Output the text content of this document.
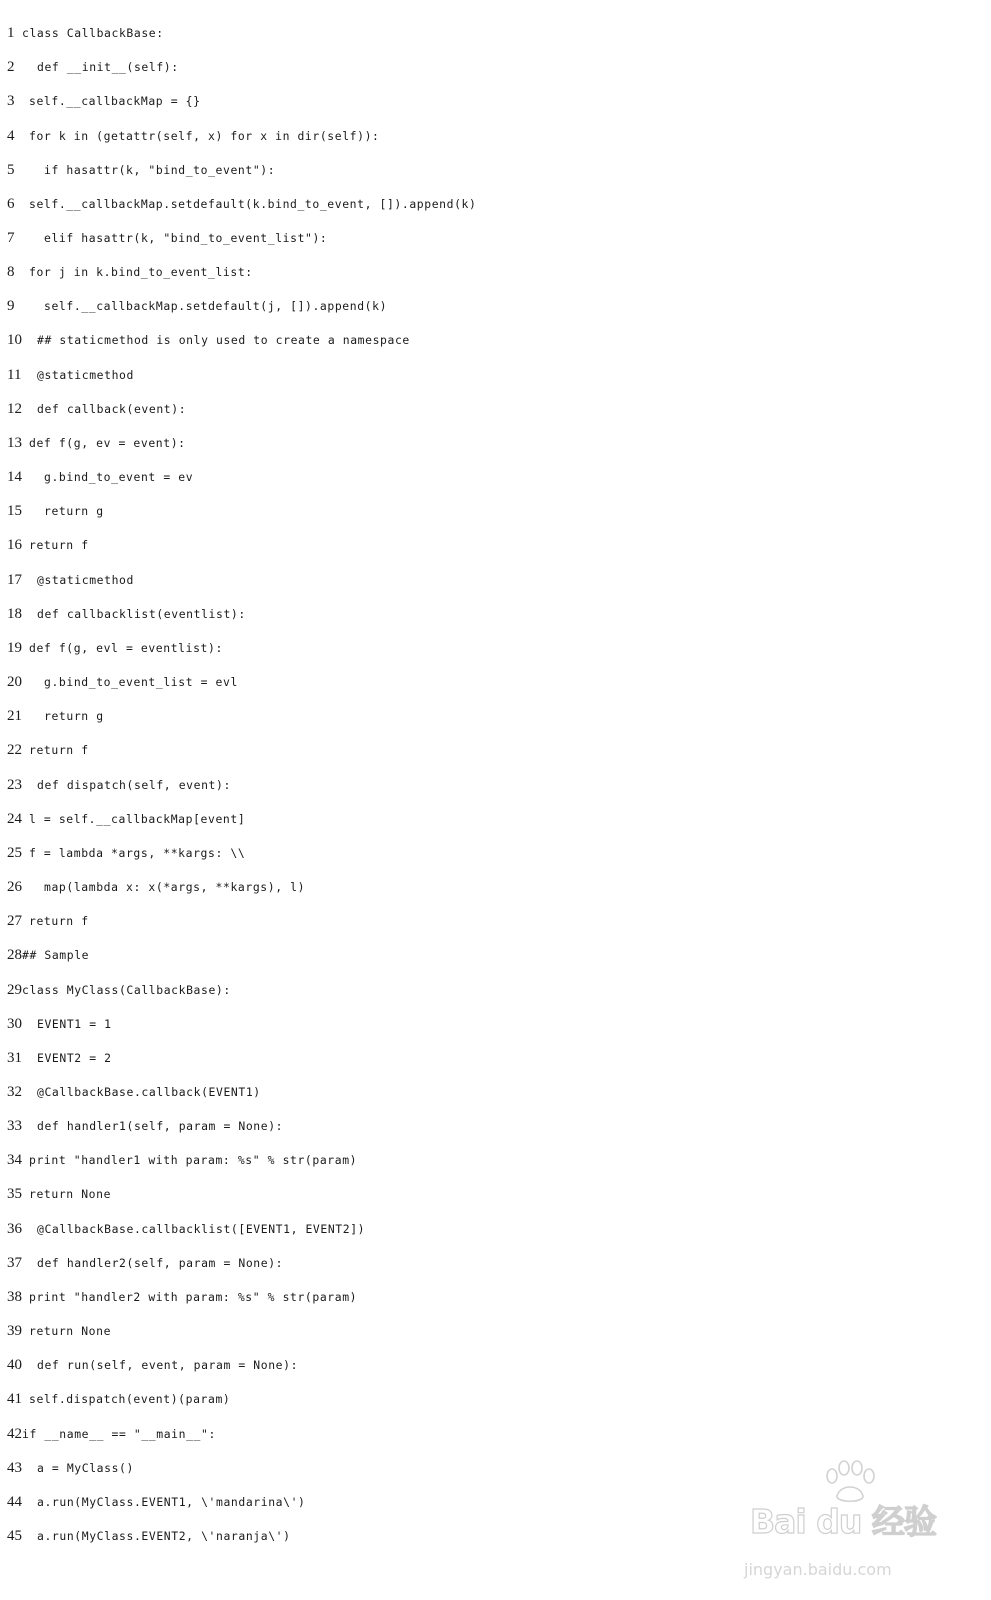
1 class CallbackBase:
2 def __init__(self):
3 self.__callbackMap = {}
4 for k in (getattr(self, x) for x in dir(self)):
5	if hasattr(k, "bind_to_event"):
6 self.__callbackMap.setdefault(k.bind_to_event, []).append(k)
7	elif hasattr(k, "bind_to_event_list"):
8 for j in k.bind_to_event_list:
9	self.__callbackMap.setdefault(j, []).append(k)
10 ## staticmethod is only used to create a namespace
11 @staticmethod
12 def callback(event):
13 def f(g, ev = event):
14 g.bind_to_event = ev
15 return g
16 return f
17 @staticmethod
18 def callbacklist(eventlist):
19 def f(g, evl = eventlist):
20 g.bind_to_event_list = evl
21 return g
22 return f
23 def dispatch(self, event):
24 l = self.__callbackMap[event]
25 f = lambda *args, **kargs: \\
26 map(lambda x: x(*args, **kargs), l)
27 return f
28 ## Sample
29 class MyClass(CallbackBase):
30 EVENT1 = 1
31 EVENT2 = 2
32 @CallbackBase.callback(EVENT1)
33 def handler1(self, param = None):
34 print "handler1 with param: %s" % str(param)
35 return None
36 @CallbackBase.callbacklist([EVENT1, EVENT2])
37 def handler2(self, param = None):
38 print "handler2 with param: %s" % str(param)
39 return None
40 def run(self, event, param = None):
41 self.dispatch(event)(param)
42 if __name__ == "__main__":
43 a = MyClass()
44 a.run(MyClass.EVENT1, \'mandarina\')
45 a.run(MyClass.EVENT2, \'naranja\')	Bai du 经验
jingyan.baidu.com
